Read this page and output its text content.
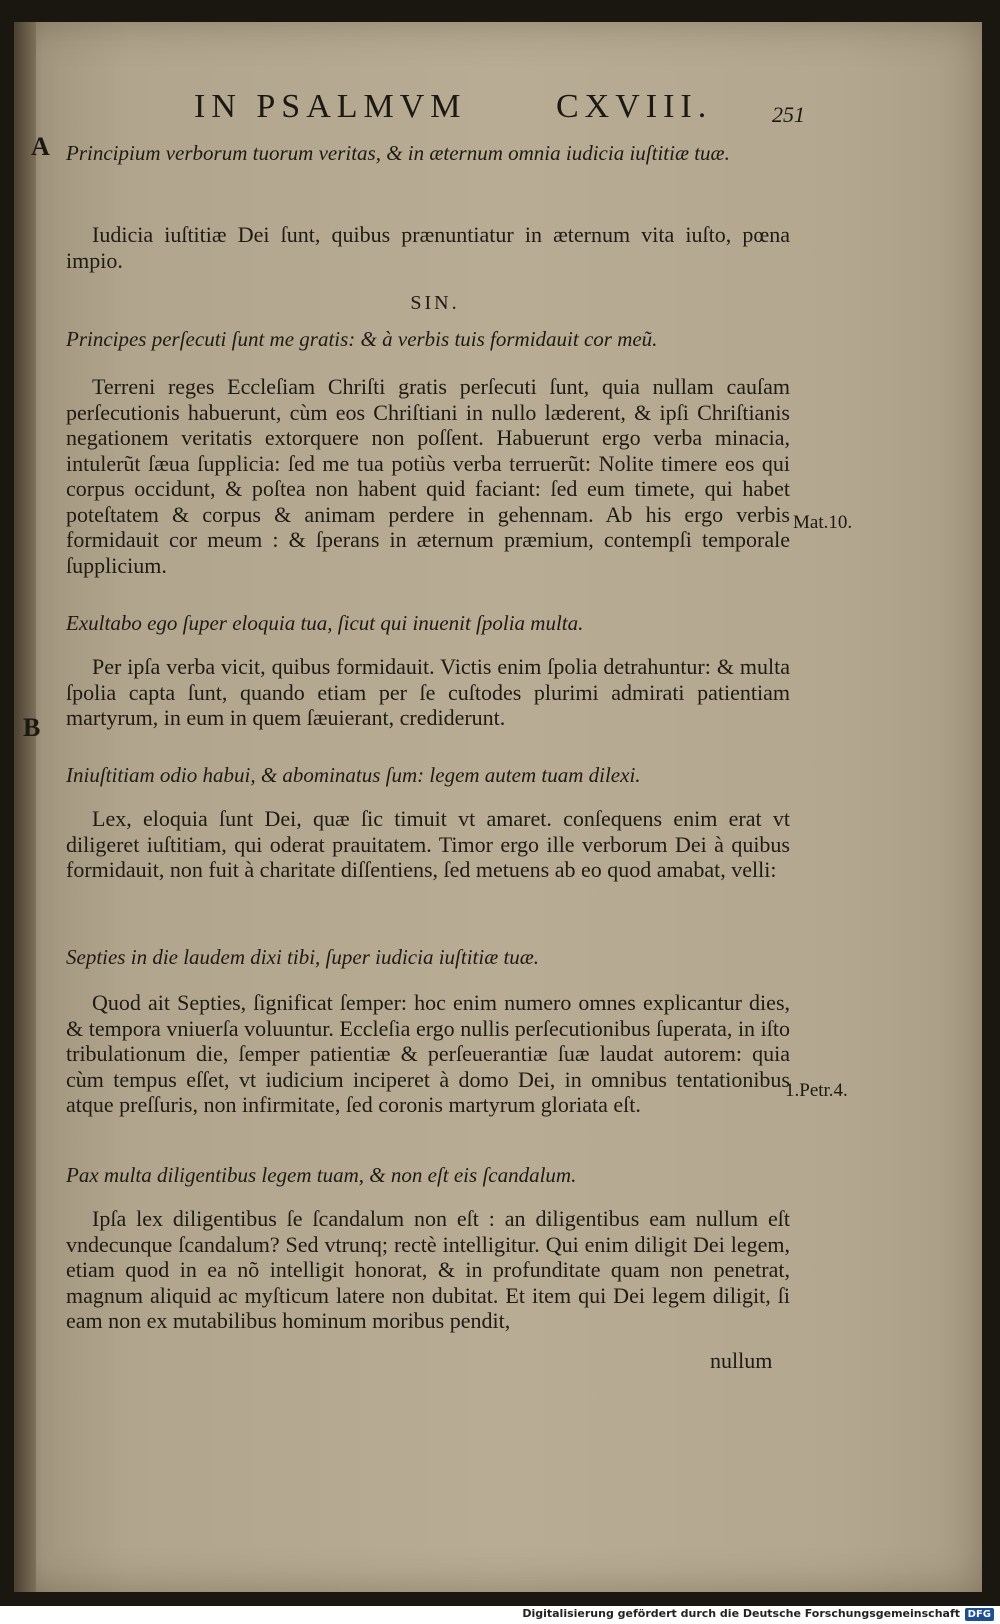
IN PSALMVM	CXVIII.	251
A
B
Mat.10.
1.Petr.4.
Principium verborum tuorum veritas, & in æternum omnia iudicia iuſtitiæ tuæ.
Iudicia iuſtitiæ Dei ſunt, quibus prænuntiatur in æternum vita iuſto, pœna impio.
SIN.
Principes perſecuti ſunt me gratis: & à verbis tuis formidauit cor meũ.
Terreni reges Eccleſiam Chriſti gratis perſecuti ſunt, quia nullam cauſam perſecutionis habuerunt, cùm eos Chriſtiani in nullo læderent, & ipſi Chriſtianis negationem veritatis extorquere non poſſent. Habuerunt ergo verba minacia, intulerũt ſæua ſupplicia: ſed me tua potiùs verba terruerũt: Nolite timere eos qui corpus occidunt, & poſtea non habent quid faciant: ſed eum timete, qui habet poteſtatem & corpus & animam perdere in gehennam. Ab his ergo verbis formidauit cor meum : & ſperans in æternum præmium, contempſi temporale ſupplicium.
Exultabo ego ſuper eloquia tua, ſicut qui inuenit ſpolia multa.
Per ipſa verba vicit, quibus formidauit. Victis enim ſpolia detrahuntur: & multa ſpolia capta ſunt, quando etiam per ſe cuſtodes plurimi admirati patientiam martyrum, in eum in quem ſæuierant, crediderunt.
Iniuſtitiam odio habui, & abominatus ſum: legem autem tuam dilexi.
Lex, eloquia ſunt Dei, quæ ſic timuit vt amaret. conſequens enim erat vt diligeret iuſtitiam, qui oderat prauitatem. Timor ergo ille verborum Dei à quibus formidauit, non fuit à charitate diſſentiens, ſed metuens ab eo quod amabat, velli:
Septies in die laudem dixi tibi, ſuper iudicia iuſtitiæ tuæ.
Quod ait Septies, ſignificat ſemper: hoc enim numero omnes explicantur dies, & tempora vniuerſa voluuntur. Eccleſia ergo nullis perſecutionibus ſuperata, in iſto tribulationum die, ſemper patientiæ & perſeuerantiæ ſuæ laudat autorem: quia cùm tempus eſſet, vt iudicium inciperet à domo Dei, in omnibus tentationibus atque preſſuris, non infirmitate, ſed coronis martyrum gloriata eſt.
Pax multa diligentibus legem tuam, & non eſt eis ſcandalum.
Ipſa lex diligentibus ſe ſcandalum non eſt : an diligentibus eam nullum eſt vndecunque ſcandalum? Sed vtrunq; rectè intelligitur. Qui enim diligit Dei legem, etiam quod in ea nõ intelligit honorat, & in profunditate quam non penetrat, magnum aliquid ac myſticum latere non dubitat. Et item qui Dei legem diligit, ſi eam non ex mutabilibus hominum moribus pendit,
nullum
Digitalisierung gefördert durch die Deutsche Forschungsgemeinschaft DFG
